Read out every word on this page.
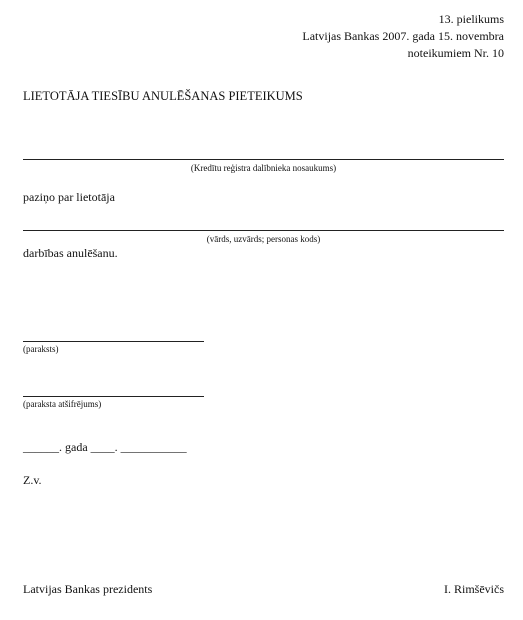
13. pielikums
Latvijas Bankas 2007. gada 15. novembra
noteikumiem Nr. 10
LIETOTĀJA TIESĪBU ANULĒŠANAS PIETEIKUMS
(Kredītu reģistra dalībnieka nosaukums)
paziņo par lietotāja
(vārds, uzvārds; personas kods)
darbības anulēšanu.
(paraksts)
(paraksta atšifrējums)
______. gada ____. ___________
Z.v.
Latvijas Bankas prezidents	I. Rimšēvičs
